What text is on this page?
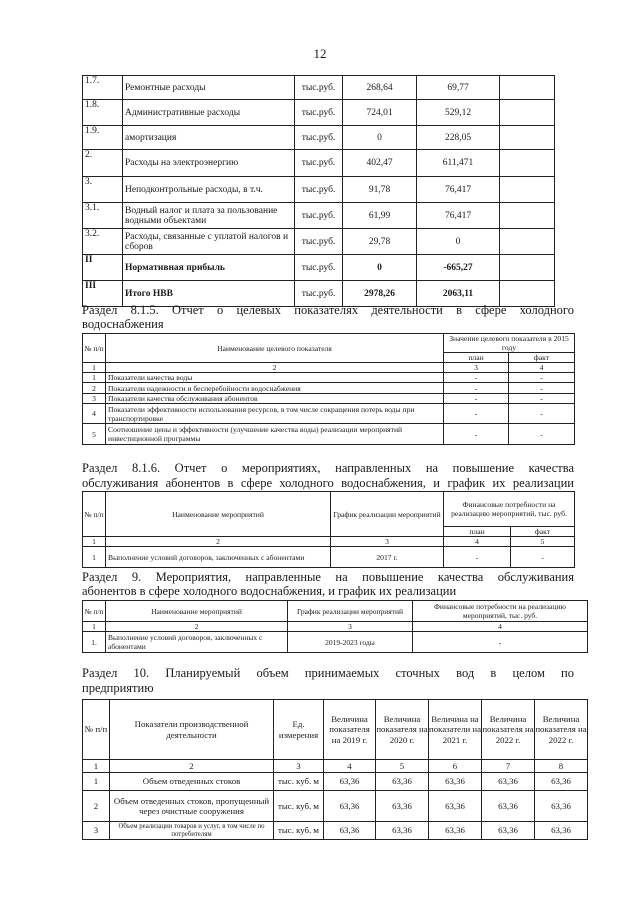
12
1.7.	Ремонтные расходы	тыс.руб.	268,64	69,77	
1.8.	Административные расходы	тыс.руб.	724,01	529,12	
1.9.	амортизация	тыс.руб.	0	228,05	
2.	Расходы на электроэнергию	тыс.руб.	402,47	611,471	
3.	Неподконтрольные расходы, в т.ч.	тыс.руб.	91,78	76,417	
3.1.	Водный налог и плата за пользование водными объектами	тыс.руб.	61,99	76,417	
3.2.	Расходы, связанные с уплатой налогов и сборов	тыс.руб.	29,78	0	
II	Нормативная прибыль	тыс.руб.	0	-665,27	
III	Итого НВВ	тыс.руб.	2978,26	2063,11	
Раздел 8.1.5. Отчет о целевых показателях деятельности в сфере холодного
водоснабжения
№ п/п	Наименование целевого показателя	Значение целевого показателя в 2015 году	
		план	факт
1	2	3	4
1	Показатели качества воды	-	-
2	Показатели надежности и бесперебойности водоснабжения	-	-
3	Показатели качества обслуживания абонентов	-	-
4	Показатели эффективности использования ресурсов, в том числе сокращения потерь воды при транспортировке	-	-
5	Соотношение цены и эффективности (улучшение качества воды) реализации мероприятий инвестиционной программы	-	-
Раздел 8.1.6. Отчет о мероприятиях, направленных на повышение качества
обслуживания абонентов в сфере холодного водоснабжения, и график их реализации
№ п/п	Наименование мероприятий	График реализации мероприятий	Финансовые потребности на реализацию мероприятий, тыс. руб.	
			план	факт
1	2	3	4	5
1	Выполнение условий договоров, заключенных с абонентами	2017 г.	-	-
Раздел 9. Мероприятия, направленные на повышение качества обслуживания
абонентов в сфере холодного водоснабжения, и график их реализации
№ п/п	Наименование мероприятий	График реализации мероприятий	Финансовые потребности на реализацию мероприятий, тыс. руб.
1	2	3	4
1.	Выполнение условий договоров, заключенных с абонентами	2019-2023 годы	-
Раздел 10. Планируемый объем принимаемых сточных вод в целом по
предприятию
№ п/п	Показатели производственной деятельности	Ед. измерения	Величина показателя на 2019 г.	Величина показателя на 2020 г.	Величина на показатели на 2021 г.	Величина показателя на 2022 г.	Величина показателя на 2022 г.
1	2	3	4	5	6	7	8
1	Объем отведенных стоков	тыс. куб. м	63,36	63,36	63,36	63,36	63,36
2	Объем отведенных стоков, пропущенный через очистные сооружения	тыс. куб. м	63,36	63,36	63,36	63,36	63,36
3	Объем реализации товаров и услуг, в том числе по потребителям	тыс. куб. м	63,36	63,36	63,36	63,36	63,36
